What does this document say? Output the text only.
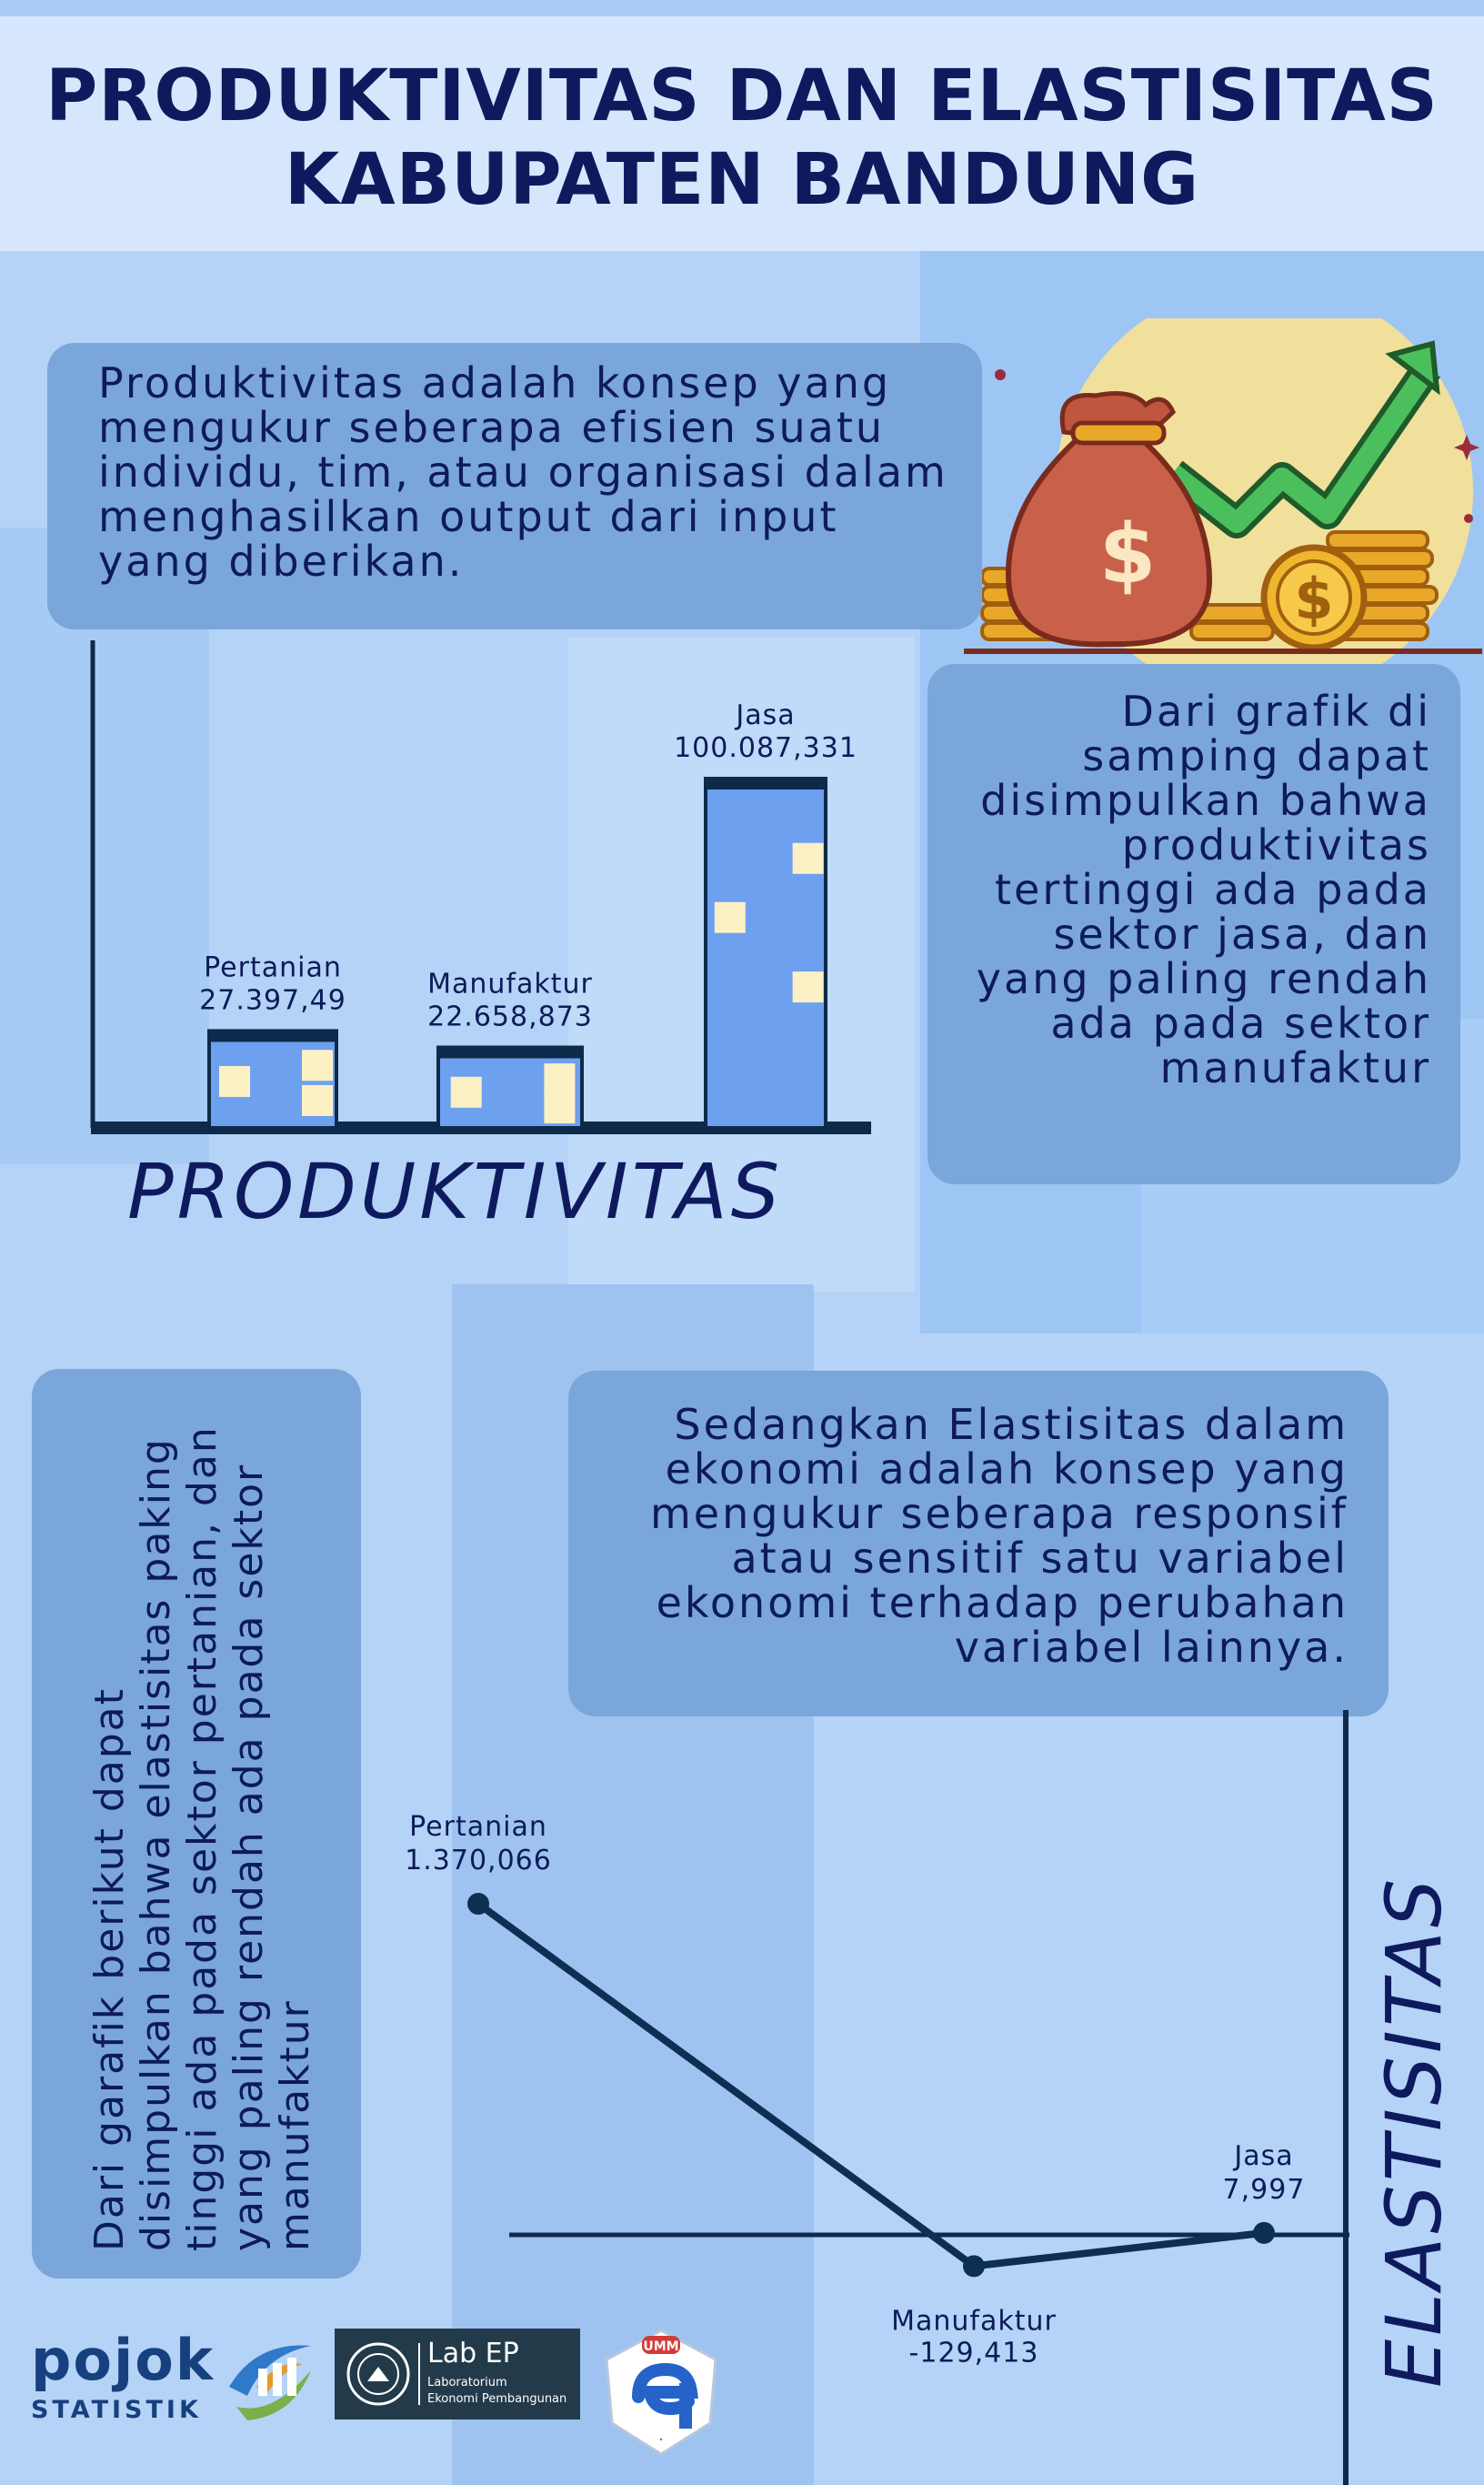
PRODUKTIVITAS DAN ELASTISITAS
KABUPATEN BANDUNG
$ $

Produktivitas adalah konsep yang mengukur seberapa efisien suatu individu, tim, atau organisasi dalam menghasilkan output dari input yang diberikan.

Dari grafik di samping dapat disimpulkan bahwa produktivitas tertinggi ada pada sektor jasa, dan yang paling rendah ada pada sektor manufaktur

Sedangkan Elastisitas dalam ekonomi adalah konsep yang mengukur seberapa responsif atau sensitif satu variabel ekonomi terhadap perubahan variabel lainnya.

Dari garafik berikut dapat disimpulkan bahwa elastisitas paking tinggi ada pada sektor pertanian, dan yang paling rendah ada pada sektor manufaktur

Pertanian
27.397,49
Manufaktur
22.658,873
Jasa
100.087,331
Pertanian
1.370,066
Manufaktur
-129,413
Jasa
7,997
PRODUKTIVITAS
ELASTISITAS
pojok
STATISTIK
Lab EP
Laboratorium
Ekonomi Pembangunan
UMM
•
